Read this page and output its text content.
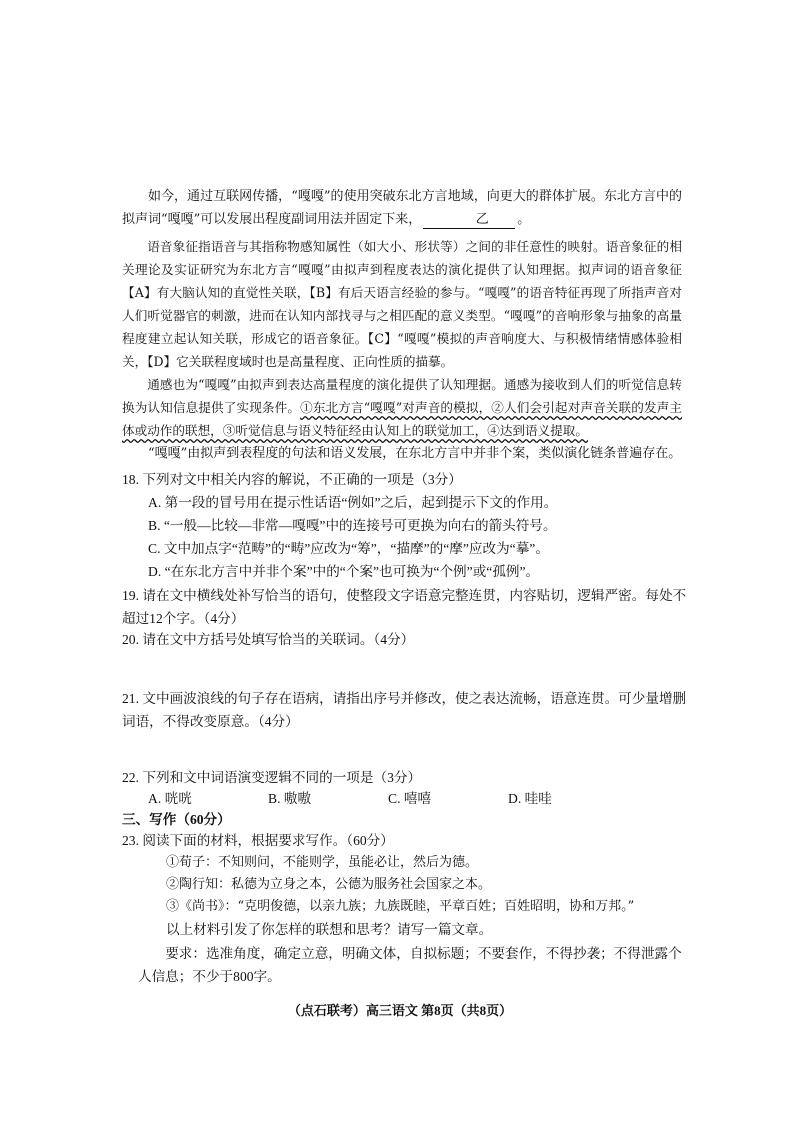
如今，通过互联网传播，“嘎嘎”的使用突破东北方言地域，向更大的群体扩展。东北方言中的拟声词“嘎嘎”可以发展出程度副词用法并固定下来，	乙 。

语音象征指语音与其指称物感知属性（如大小、形状等）之间的非任意性的映射。语音象征的相关理论及实证研究为东北方言“嘎嘎”由拟声到程度表达的演化提供了认知理据。拟声词的语音象征【A】有大脑认知的直觉性关联，【B】有后天语言经验的参与。“嘎嘎”的语音特征再现了所指声音对人们听觉器官的刺激，进而在认知内部找寻与之相匹配的意义类型。“嘎嘎”的音响形象与抽象的高量程度建立起认知关联，形成它的语音象征。【C】“嘎嘎”模拟的声音响度大、与积极情绪情感体验相关，【D】它关联程度域时也是高量程度、正向性质的描摹。

通感也为“嘎嘎”由拟声到表达高量程度的演化提供了认知理据。通感为接收到人们的听觉信息转换为认知信息提供了实现条件。①东北方言“嘎嘎”对声音的模拟，②人们会引起对声音关联的发声主体或动作的联想，③听觉信息与语义特征经由认知上的联觉加工，④达到语义提取。

“嘎嘎”由拟声到表程度的句法和语义发展，在东北方言中并非个案，类似演化链条普遍存在。

18. 下列对文中相关内容的解说，不正确的一项是（3分）
A. 第一段的冒号用在提示性话语“例如”之后，起到提示下文的作用。
B. “一般—比较—非常—嘎嘎”中的连接号可更换为向右的箭头符号。
C. 文中加点字“范畴”的“畴”应改为“筹”，“描摩”的“摩”应改为“摹”。
D. “在东北方言中并非个案”中的“个案”也可换为“个例”或“孤例”。
19. 请在文中横线处补写恰当的语句，使整段文字语意完整连贯，内容贴切，逻辑严密。每处不超过12个字。（4分）
20. 请在文中方括号处填写恰当的关联词。（4分）
21. 文中画波浪线的句子存在语病，请指出序号并修改，使之表达流畅，语意连贯。可少量增删词语，不得改变原意。（4分）
22. 下列和文中词语演变逻辑不同的一项是（3分）
A. 咣咣	B. 嗷嗷	C. 嘻嘻	D. 哇哇
三、写作（60分）
23. 阅读下面的材料，根据要求写作。（60分）
①荀子：不知则问，不能则学，虽能必让，然后为德。
②陶行知：私德为立身之本，公德为服务社会国家之本。
③《尚书》：“克明俊德，以亲九族；九族既睦，平章百姓；百姓昭明，协和万邦。”
以上材料引发了你怎样的联想和思考？请写一篇文章。

要求：选准角度，确定立意，明确文体，自拟标题；不要套作，不得抄袭；不得泄露个人信息；不少于800字。

（点石联考）高三语文 第8页（共8页）
